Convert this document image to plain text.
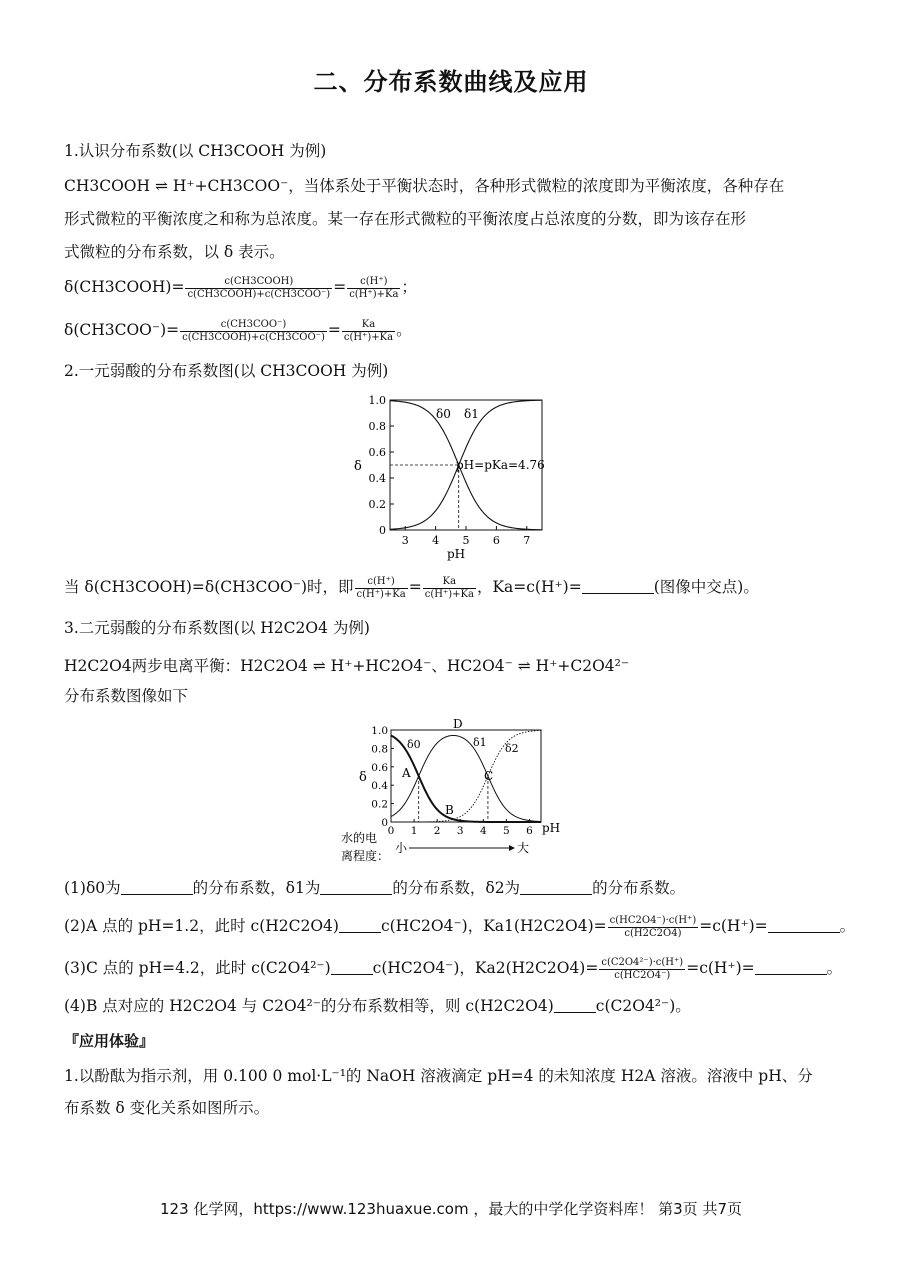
二、分布系数曲线及应用
1.认识分布系数(以 CH3COOH 为例)
CH3COOH ⇌ H⁺+CH3COO⁻，当体系处于平衡状态时，各种形式微粒的浓度即为平衡浓度，各种存在
形式微粒的平衡浓度之和称为总浓度。某一存在形式微粒的平衡浓度占总浓度的分数，即为该存在形
式微粒的分布系数，以 δ 表示。
δ(CH3COOH)= $\frac{\text{c(CH3COOH)}}{\text{c(CH3COOH)+c(CH3COO⁻)}} = \frac{c(H^+)}{c(H^+)+Ka}$ ；
$\delta(CH3COO^-)= \frac{\text{c(CH3COO⁻)}}{\text{c(CH3COOH)+c(CH3COO⁻)}} = \frac{Ka}{c(H^+)+Ka}$ 。
2.一元弱酸的分布系数图(以 CH3COOH 为例)
0
0.2
0.4
0.6
0.8
1.0
3 4 5 6 7
δ0 δ1
pH=pKa=4.76
δ
pH
当 δ(CH3COOH)=δ(CH3COO⁻)时，即 $\frac{c(H^+)}{c(H^+)+Ka} = \frac{Ka}{c(H^+)+Ka}$ ，Ka=c(H⁺)=	(图像中交点)。
3.二元弱酸的分布系数图(以 H2C2O4 为例)
H2C2O4两步电离平衡：H2C2O4 ⇌ H⁺+HC2O4⁻、HC2O4⁻ ⇌ H⁺+C2O4²⁻
分布系数图像如下
0
0.2
0.4
0.6
0.8
1.0
0 1 2 3 4 5 6
δ0	δ1 δ2
A
B
C
D
δ
pH
水的电
离程度：
小	大
(1)δ0为	的分布系数，δ1为	的分布系数，δ2为	的分布系数。
(2)A 点的 pH=1.2，此时 c(H2C2O4)	c(HC2O4⁻)，$Ka1(H2C2O4)= \frac{c(HC2O4^-)\cdot c(H^+)}{c(H2C2O4)} =c(H^+)=$	。
(3)C 点的 pH=4.2，此时 c(C2O4²⁻)	c(HC2O4⁻)，$Ka2(H2C2O4)= \frac{\text{c(C2O4²⁻)·c(H⁺)}}{c(HC2O4^-)} =c(H^+)=$	。
(4)B 点对应的 H2C2O4 与 C2O4²⁻的分布系数相等，则 c(H2C2O4)	c(C2O4²⁻)。
『应用体验』
1.以酚酞为指示剂，用 0.100 0 mol·L⁻¹的 NaOH 溶液滴定 pH=4 的未知浓度 H2A 溶液。溶液中 pH、分
布系数 δ 变化关系如图所示。
123 化学网，https://www.123huaxue.com ，最大的中学化学资料库！ 第3页 共7页
